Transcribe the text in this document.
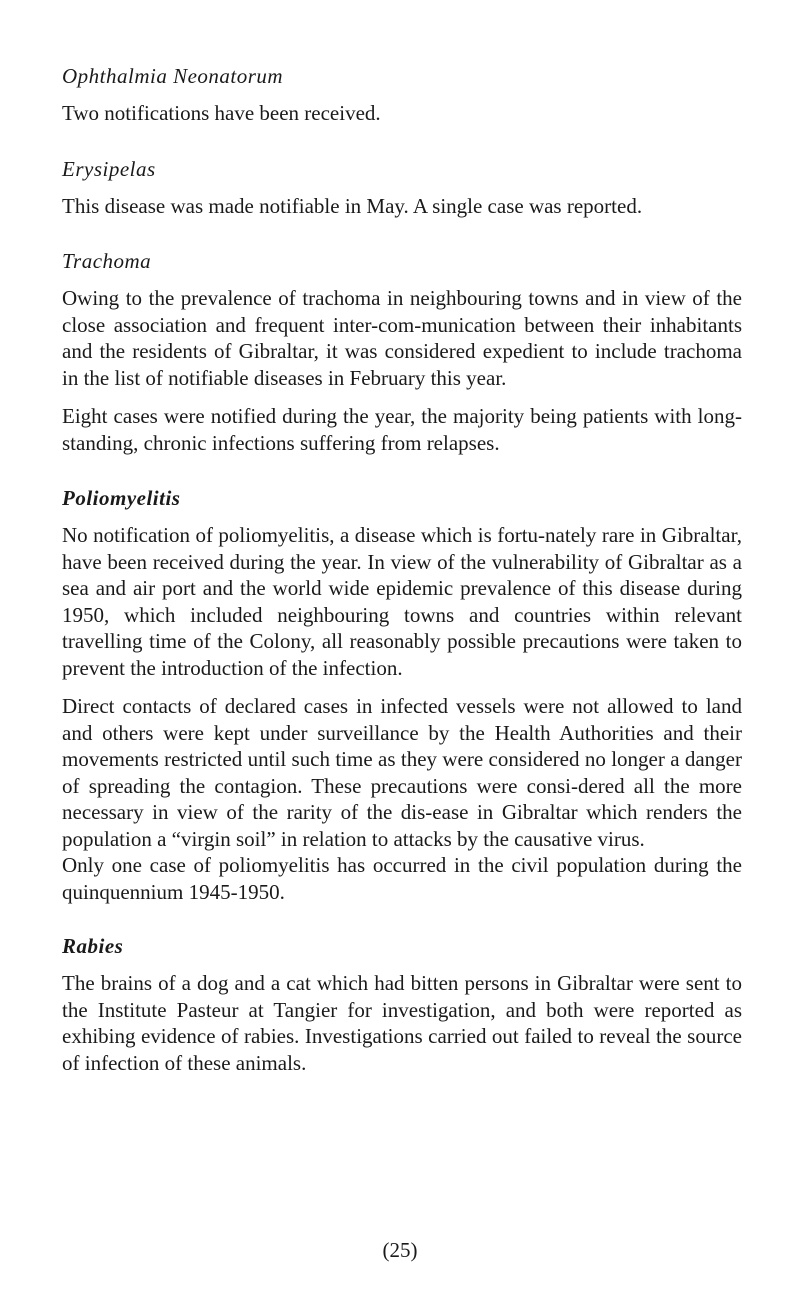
Ophthalmia Neonatorum

Two notifications have been received.

Erysipelas

This disease was made notifiable in May. A single case was reported.

Trachoma

Owing to the prevalence of trachoma in neighbouring towns and in view of the close association and frequent inter-com-munication between their inhabitants and the residents of Gibraltar, it was considered expedient to include trachoma in the list of notifiable diseases in February this year.

Eight cases were notified during the year, the majority being patients with long-standing, chronic infections suffering from relapses.

Poliomyelitis

No notification of poliomyelitis, a disease which is fortu-nately rare in Gibraltar, have been received during the year. In view of the vulnerability of Gibraltar as a sea and air port and the world wide epidemic prevalence of this disease during 1950, which included neighbouring towns and countries within relevant travelling time of the Colony, all reasonably possible precautions were taken to prevent the introduction of the infection.

Direct contacts of declared cases in infected vessels were not allowed to land and others were kept under surveillance by the Health Authorities and their movements restricted until such time as they were considered no longer a danger of spreading the contagion. These precautions were consi-dered all the more necessary in view of the rarity of the dis-ease in Gibraltar which renders the population a “virgin soil” in relation to attacks by the causative virus.

Only one case of poliomyelitis has occurred in the civil population during the quinquennium 1945-1950.

Rabies

The brains of a dog and a cat which had bitten persons in Gibraltar were sent to the Institute Pasteur at Tangier for investigation, and both were reported as exhibing evidence of rabies. Investigations carried out failed to reveal the source of infection of these animals.

(25)
